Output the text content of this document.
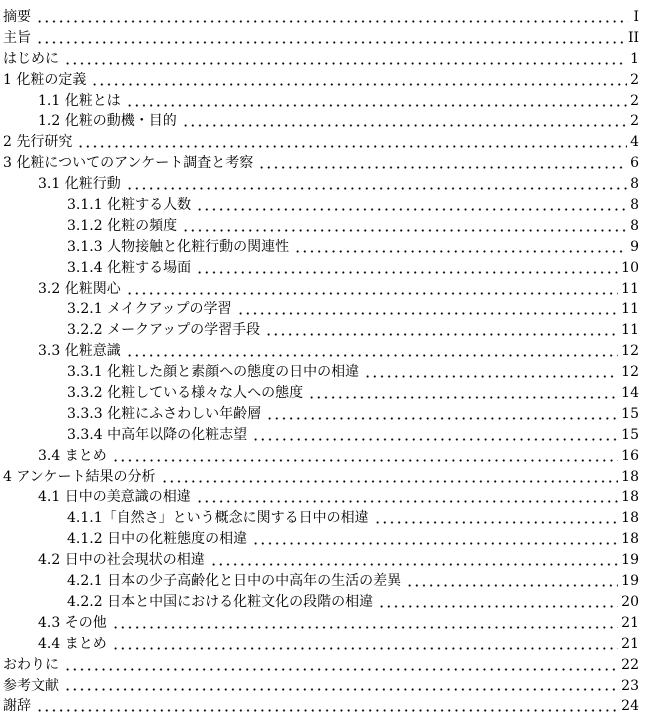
摘要	I
主旨	II
はじめに	1
1 化粧の定義	2
1.1 化粧とは	2
1.2 化粧の動機・目的	2
2 先行研究	4
3 化粧についてのアンケート調査と考察	6
3.1 化粧行動	8
3.1.1 化粧する人数	8
3.1.2 化粧の頻度	8
3.1.3 人物接触と化粧行動の関連性	9
3.1.4 化粧する場面	10
3.2 化粧関心	11
3.2.1 メイクアップの学習	11
3.2.2 メークアップの学習手段	11
3.3 化粧意識	12
3.3.1 化粧した顔と素顔への態度の日中の相違	12
3.3.2 化粧している様々な人への態度	14
3.3.3 化粧にふさわしい年齢層	15
3.3.4 中高年以降の化粧志望	15
3.4 まとめ	16
4 アンケート結果の分析	18
4.1 日中の美意識の相違	18
4.1.1「自然さ」という概念に関する日中の相違	18
4.1.2 日中の化粧態度の相違	18
4.2 日中の社会現状の相違	19
4.2.1 日本の少子高齢化と日中の中高年の生活の差異	19
4.2.2 日本と中国における化粧文化の段階の相違	20
4.3 その他	21
4.4 まとめ	21
おわりに	22
参考文献	23
謝辞	24
